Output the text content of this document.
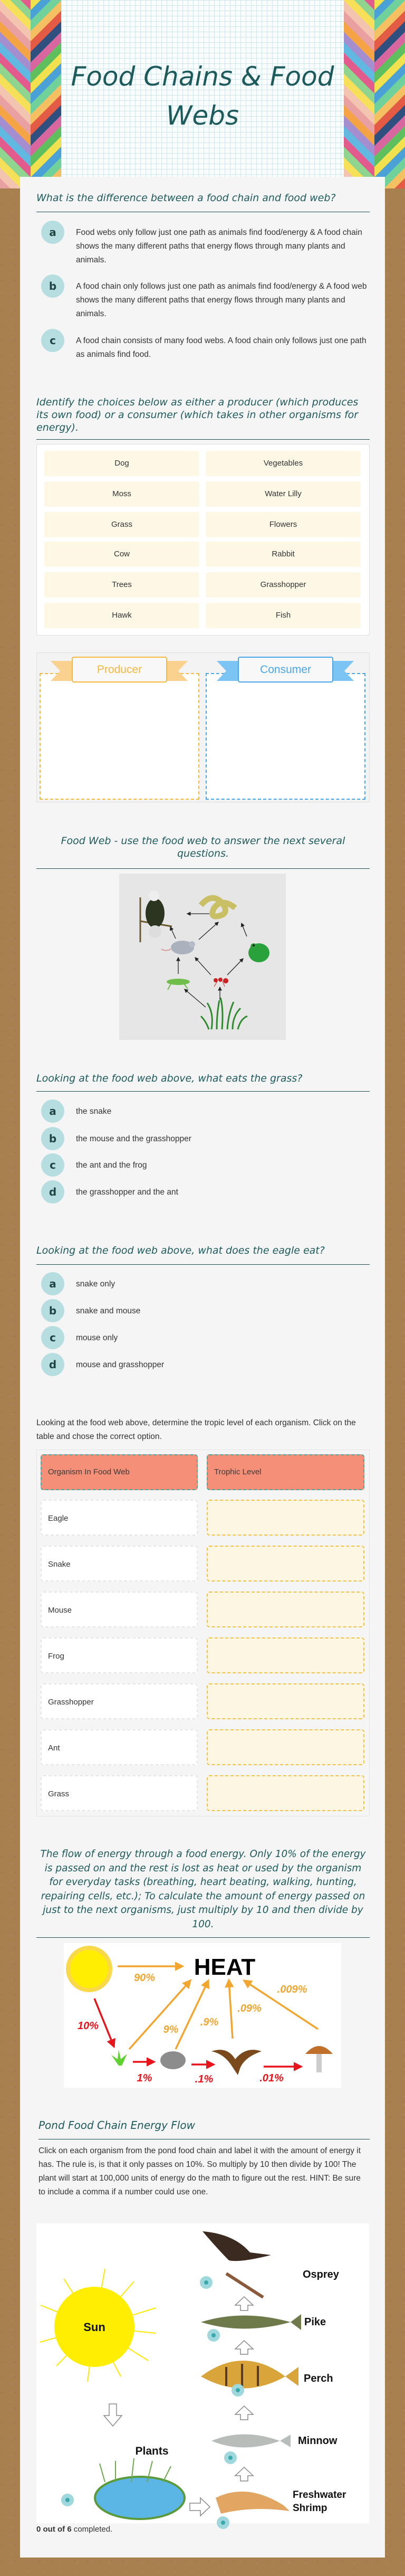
Food Chains & Food
Webs
What is the difference between a food chain and food web?
a	Food webs only follow just one path as animals find food/energy & A food chain shows the many different paths that energy flows through many plants and animals.
b	A food chain only follows just one path as animals find food/energy & A food web shows the many different paths that energy flows through many plants and animals.
c	A food chain consists of many food webs. A food chain only follows just one path as animals find food.
Identify the choices below as either a producer (which produces its own food) or a consumer (which takes in other organisms for energy).
Dog	Vegetables
Moss	Water Lilly
Grass	Flowers
Cow	Rabbit
Trees	Grasshopper
Hawk	Fish
Producer	Consumer
Food Web - use the food web to answer the next several questions.
Looking at the food web above, what eats the grass?
a	the snake
b	the mouse and the grasshopper
c	the ant and the frog
d	the grasshopper and the ant
Looking at the food web above, what does the eagle eat?
a	snake only
b	snake and mouse
c	mouse only
d	mouse and grasshopper
Looking at the food web above, determine the tropic level of each organism. Click on the table and chose the correct option.
Organism In Food Web	Trophic Level
Eagle
Snake
Mouse
Frog
Grasshopper
Ant
Grass
The flow of energy through a food energy. Only 10% of the energy is passed on and the rest is lost as heat or used by the organism for everyday tasks (breathing, heart beating, walking, hunting, repairing cells, etc.); To calculate the amount of energy passed on just to the next organisms, just multiply by 10 and then divide by 100.
HEAT
90%
9%
.9%
.09%
.009%
10%
1%	.1%	.01%
Pond Food Chain Energy Flow
Click on each organism from the pond food chain and label it with the amount of energy it has. The rule is, is that it only passes on 10%. So multiply by 10 then divide by 100! The plant will start at 100,000 units of energy do the math to figure out the rest. HINT: Be sure to include a comma if a number could use one.
Sun
Plants
Osprey
Pike
Perch
Minnow
Freshwater
Shrimp
0 out of 6 completed.
